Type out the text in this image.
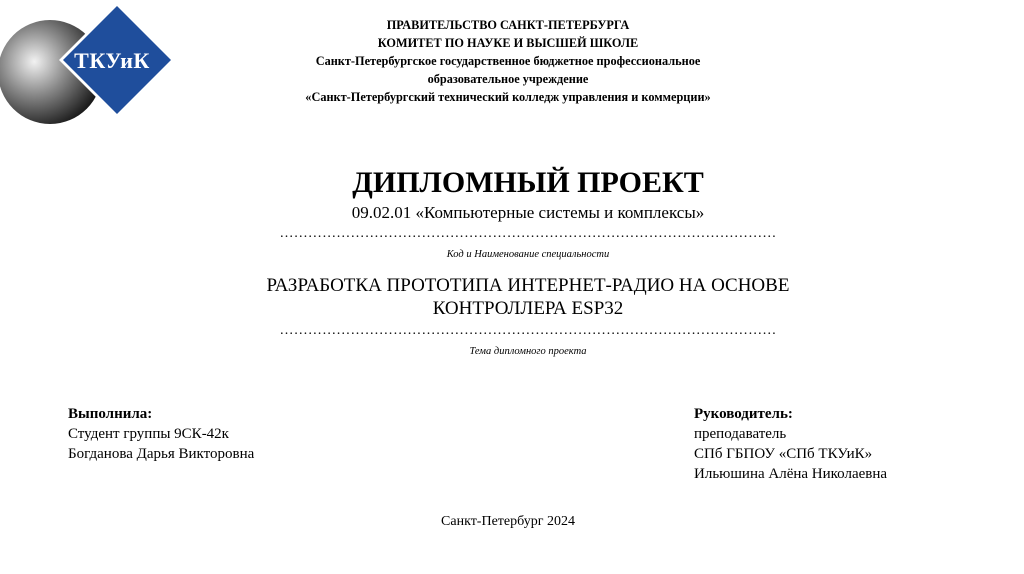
ТКУиК
ПРАВИТЕЛЬСТВО САНКТ-ПЕТЕРБУРГА
КОМИТЕТ ПО НАУКЕ И ВЫСШЕЙ ШКОЛЕ
Санкт-Петербургское государственное бюджетное профессиональное
образовательное учреждение
«Санкт-Петербургский технический колледж управления и коммерции»
ДИПЛОМНЫЙ ПРОЕКТ
09.02.01 «Компьютерные системы и комплексы»
……………………………………………………………………………………………
Код и Наименование специальности
РАЗРАБОТКА ПРОТОТИПА ИНТЕРНЕТ-РАДИО НА ОСНОВЕ
КОНТРОЛЛЕРА ESP32
……………………………………………………………………………………………
Тема дипломного проекта
Выполнила:
Студент группы 9СК-42к
Богданова Дарья Викторовна
Руководитель:
преподаватель
СПб ГБПОУ «СПб ТКУиК»
Ильюшина Алёна Николаевна
Санкт-Петербург 2024
